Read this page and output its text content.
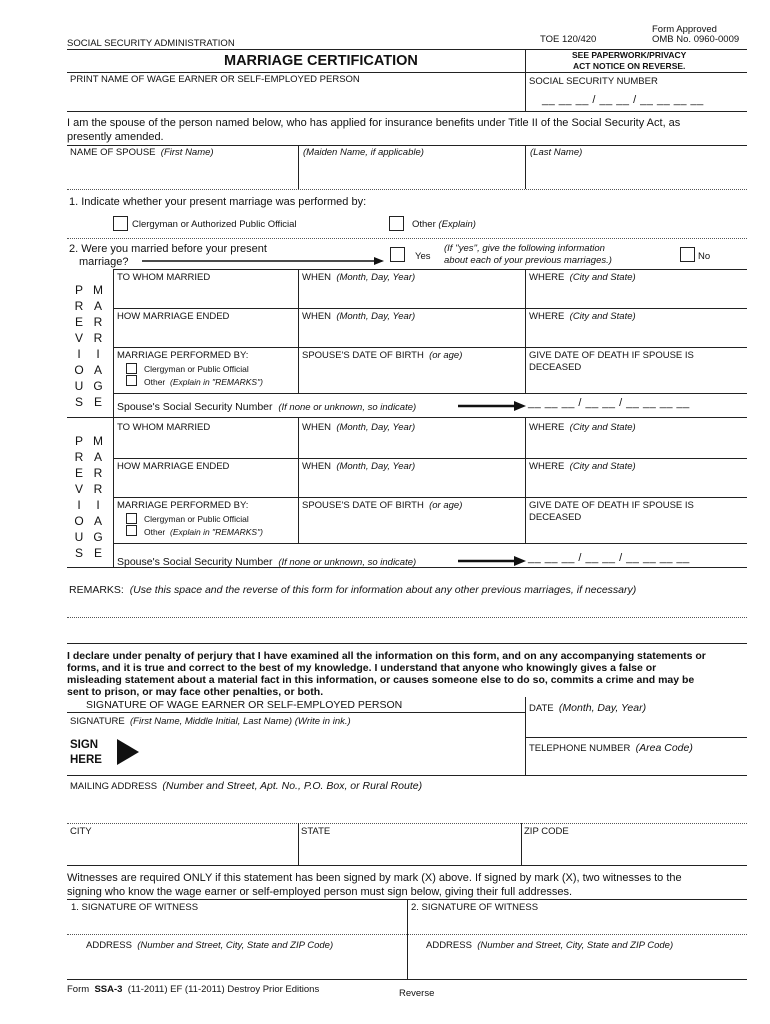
Form Approved
TOE 120/420	OMB No. 0960-0009
SOCIAL SECURITY ADMINISTRATION
MARRIAGE CERTIFICATION	SEE PAPERWORK/PRIVACY
ACT NOTICE ON REVERSE.
PRINT NAME OF WAGE EARNER OR SELF-EMPLOYED PERSON	SOCIAL SECURITY NUMBER
__ __ __ / __ __ / __ __ __ __
I am the spouse of the person named below, who has applied for insurance benefits under Title II of the Social Security Act, as
presently amended.
NAME OF SPOUSE (First Name)	(Maiden Name, if applicable)	(Last Name)
1. Indicate whether your present marriage was performed by:
Clergyman or Authorized Public Official	Other (Explain)
2. Were you married before your present
marriage?	Yes
(If ''yes'', give the following information
about each of your previous marriages.)	No
P
R
E
V
I
O
U
S
M
A
R
R
I
A
G
E
TO WHOM MARRIED	WHEN (Month, Day, Year)	WHERE (City and State)
HOW MARRIAGE ENDED	WHEN (Month, Day, Year)	WHERE (City and State)
MARRIAGE PERFORMED BY:
Clergyman or Public Official
Other (Explain in "REMARKS")
SPOUSE'S DATE OF BIRTH (or age)	GIVE DATE OF DEATH IF SPOUSE IS
DECEASED
Spouse's Social Security Number (If none or unknown, so indicate)	__ __ __ / __ __ / __ __ __ __
P
R
E
V
I
O
U
S
M
A
R
R
I
A
G
E
TO WHOM MARRIED	WHEN (Month, Day, Year)	WHERE (City and State)
HOW MARRIAGE ENDED	WHEN (Month, Day, Year)	WHERE (City and State)
MARRIAGE PERFORMED BY:
Clergyman or Public Official
Other (Explain in "REMARKS")
SPOUSE'S DATE OF BIRTH (or age)	GIVE DATE OF DEATH IF SPOUSE IS
DECEASED
Spouse's Social Security Number (If none or unknown, so indicate)	__ __ __ / __ __ / __ __ __ __
REMARKS: (Use this space and the reverse of this form for information about any other previous marriages, if necessary)
I declare under penalty of perjury that I have examined all the information on this form, and on any accompanying statements or
forms, and it is true and correct to the best of my knowledge. I understand that anyone who knowingly gives a false or
misleading statement about a material fact in this information, or causes someone else to do so, commits a crime and may be
sent to prison, or may face other penalties, or both.
SIGNATURE OF WAGE EARNER OR SELF-EMPLOYED PERSON	DATE (Month, Day, Year)
SIGNATURE (First Name, Middle Initial, Last Name) (Write in ink.)
SIGN
HERE
TELEPHONE NUMBER (Area Code)
MAILING ADDRESS (Number and Street, Apt. No., P.O. Box, or Rural Route)
CITY	STATE	ZIP CODE
Witnesses are required ONLY if this statement has been signed by mark (X) above. If signed by mark (X), two witnesses to the
signing who know the wage earner or self-employed person must sign below, giving their full addresses.
1. SIGNATURE OF WITNESS	2. SIGNATURE OF WITNESS
ADDRESS (Number and Street, City, State and ZIP Code)	ADDRESS (Number and Street, City, State and ZIP Code)
Form SSA-3 (11-2011) EF (11-2011) Destroy Prior Editions	Reverse
